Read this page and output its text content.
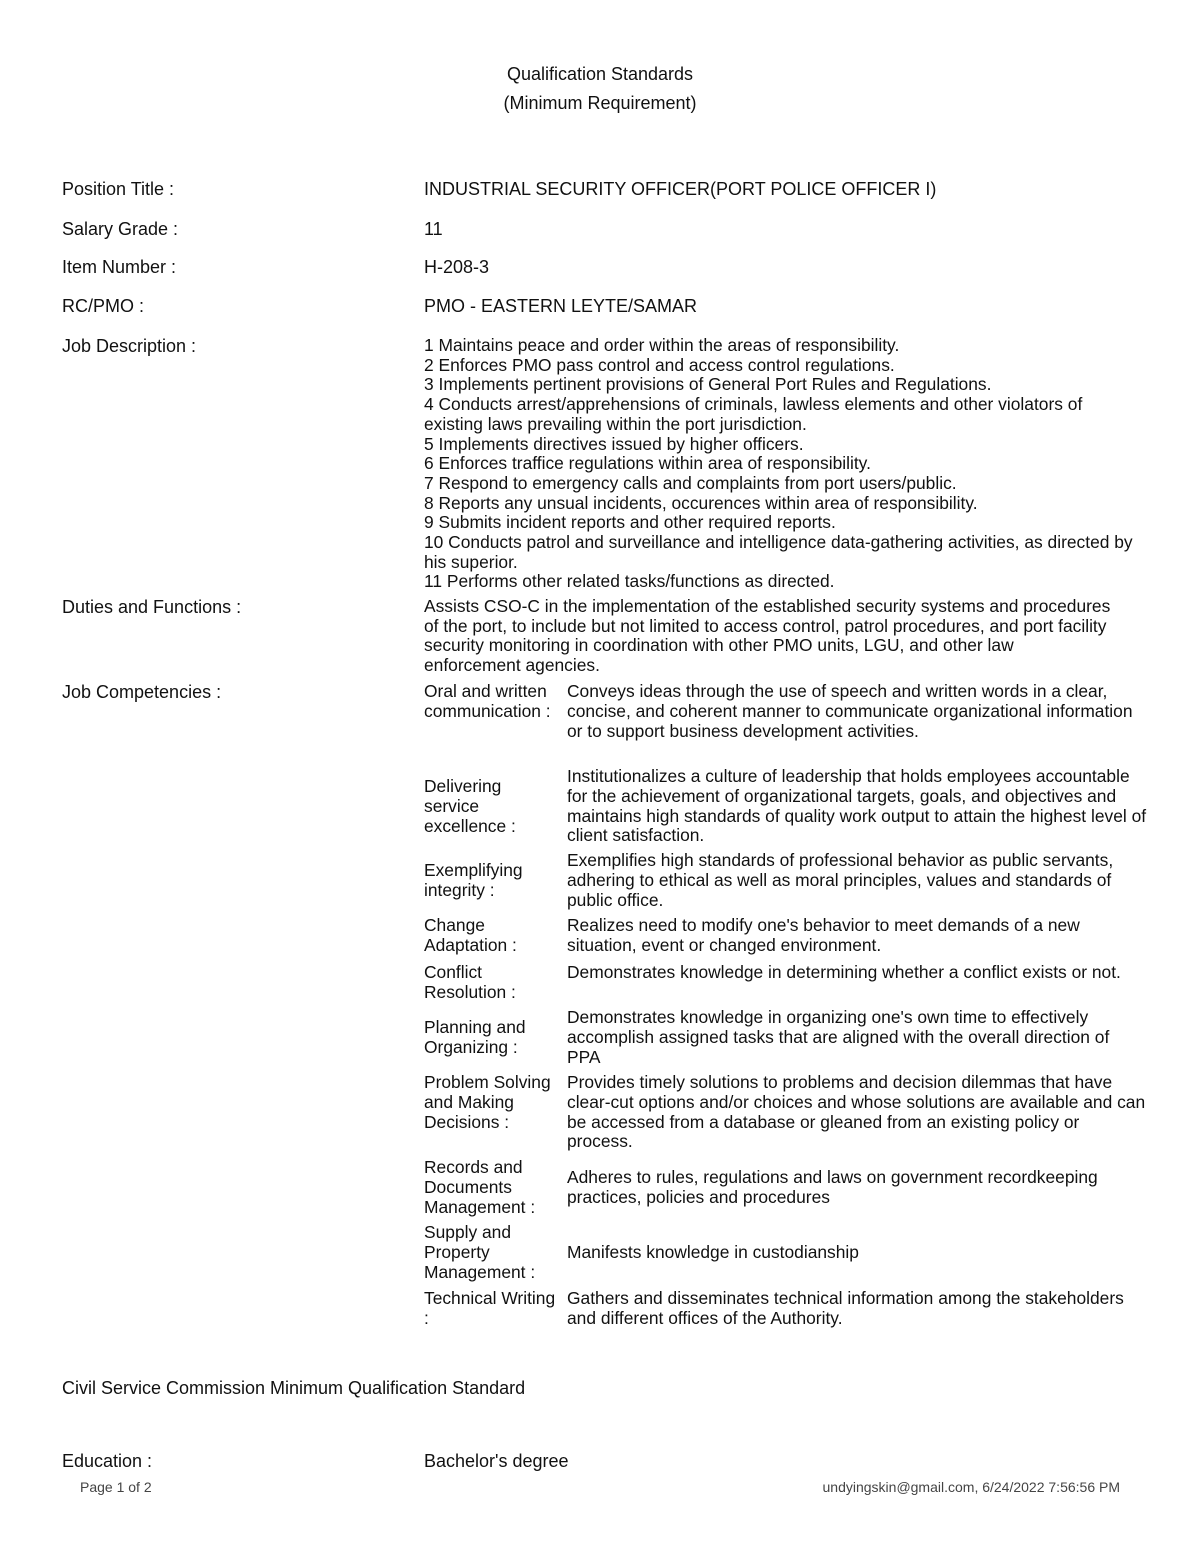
Qualification Standards
(Minimum Requirement)
Position Title :	INDUSTRIAL SECURITY OFFICER(PORT POLICE OFFICER I)
Salary Grade :	11
Item Number :	H-208-3
RC/PMO :	PMO - EASTERN LEYTE/SAMAR
Job Description :	1 Maintains peace and order within the areas of responsibility.
2 Enforces PMO pass control and access control regulations.
3 Implements pertinent provisions of General Port Rules and Regulations.
4 Conducts arrest/apprehensions of criminals, lawless elements and other violators of existing laws prevailing within the port jurisdiction.
5 Implements directives issued by higher officers.
6 Enforces traffice regulations within area of responsibility.
7 Respond to emergency calls and complaints from port users/public.
8 Reports any unsual incidents, occurences within area of responsibility.
9 Submits incident reports and other required reports.
10 Conducts patrol and surveillance and intelligence data-gathering activities, as directed by his superior.
11 Performs other related tasks/functions as directed.
Duties and Functions :	Assists CSO-C in the implementation of the established security systems and procedures of the port, to include but not limited to access control, patrol procedures, and port facility security monitoring in coordination with other PMO units, LGU, and other law enforcement agencies.
Job Competencies :	Oral and written communication :
Conveys ideas through the use of speech and written words in a clear, concise, and coherent manner to communicate organizational information or to support business development activities.
Delivering service excellence :
Institutionalizes a culture of leadership that holds employees accountable for the achievement of organizational targets, goals, and objectives and maintains high standards of quality work output to attain the highest level of client satisfaction.
Exemplifying integrity :
Exemplifies high standards of professional behavior as public servants, adhering to ethical as well as moral principles, values and standards of public office.
Change Adaptation :
Realizes need to modify one's behavior to meet demands of a new situation, event or changed environment.
Conflict Resolution :
Demonstrates knowledge in determining whether a conflict exists or not.
Planning and Organizing :
Demonstrates knowledge in organizing one's own time to effectively accomplish assigned tasks that are aligned with the overall direction of PPA
Problem Solving and Making Decisions :
Provides timely solutions to problems and decision dilemmas that have clear-cut options and/or choices and whose solutions are available and can be accessed from a database or gleaned from an existing policy or process.
Records and Documents Management :
Adheres to rules, regulations and laws on government recordkeeping practices, policies and procedures
Supply and Property Management :
Manifests knowledge in custodianship
Technical Writing :
Gathers and disseminates technical information among the stakeholders and different offices of the Authority.
Civil Service Commission Minimum Qualification Standard
Education :	Bachelor's degree
Page 1 of 2	undyingskin@gmail.com, 6/24/2022 7:56:56 PM
